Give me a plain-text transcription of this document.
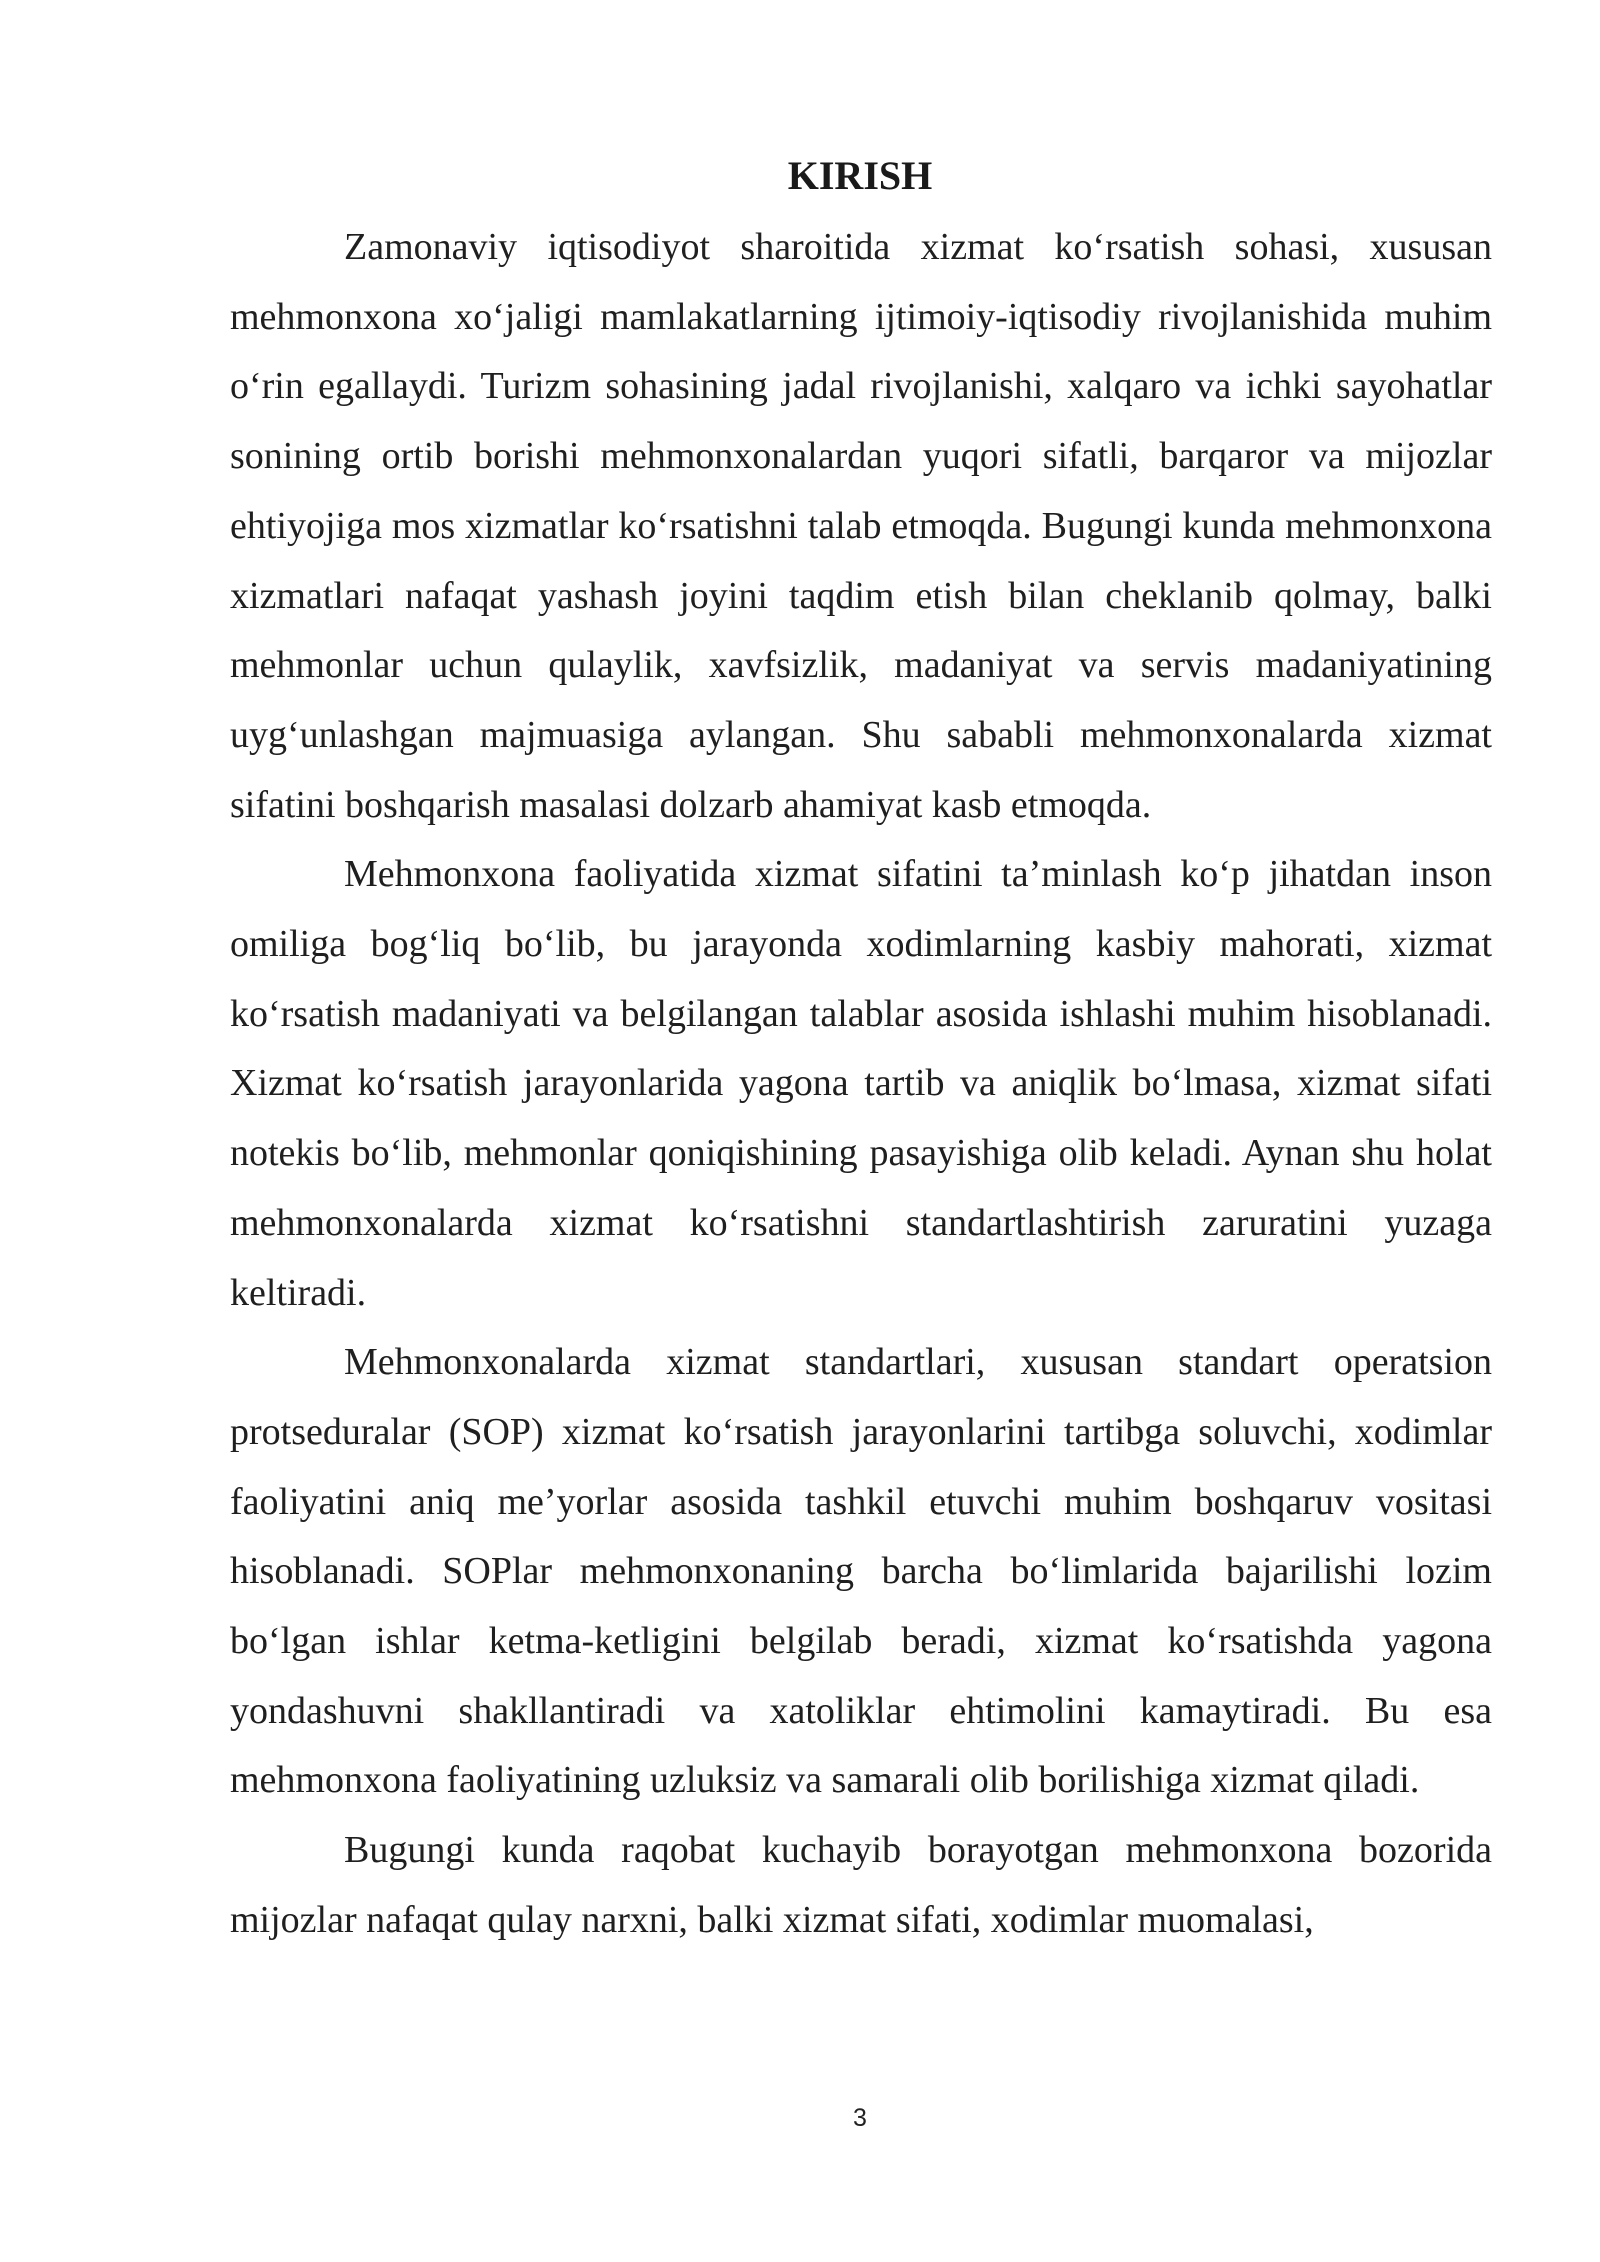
KIRISH

Zamonaviy iqtisodiyot sharoitida xizmat ko‘rsatish sohasi, xususan mehmonxona xo‘jaligi mamlakatlarning ijtimoiy-iqtisodiy rivojlanishida muhim o‘rin egallaydi. Turizm sohasining jadal rivojlanishi, xalqaro va ichki sayohatlar sonining ortib borishi mehmonxonalardan yuqori sifatli, barqaror va mijozlar ehtiyojiga mos xizmatlar ko‘rsatishni talab etmoqda. Bugungi kunda mehmonxona xizmatlari nafaqat yashash joyini taqdim etish bilan cheklanib qolmay, balki mehmonlar uchun qulaylik, xavfsizlik, madaniyat va servis madaniyatining uyg‘unlashgan majmuasiga aylangan. Shu sababli mehmonxonalarda xizmat sifatini boshqarish masalasi dolzarb ahamiyat kasb etmoqda.

Mehmonxona faoliyatida xizmat sifatini ta’minlash ko‘p jihatdan inson omiliga bog‘liq bo‘lib, bu jarayonda xodimlarning kasbiy mahorati, xizmat ko‘rsatish madaniyati va belgilangan talablar asosida ishlashi muhim hisoblanadi. Xizmat ko‘rsatish jarayonlarida yagona tartib va aniqlik bo‘lmasa, xizmat sifati notekis bo‘lib, mehmonlar qoniqishining pasayishiga olib keladi. Aynan shu holat mehmonxonalarda xizmat ko‘rsatishni standartlashtirish zaruratini yuzaga keltiradi.

Mehmonxonalarda xizmat standartlari, xususan standart operatsion protseduralar (SOP) xizmat ko‘rsatish jarayonlarini tartibga soluvchi, xodimlar faoliyatini aniq me’yorlar asosida tashkil etuvchi muhim boshqaruv vositasi hisoblanadi. SOPlar mehmonxonaning barcha bo‘limlarida bajarilishi lozim bo‘lgan ishlar ketma-ketligini belgilab beradi, xizmat ko‘rsatishda yagona yondashuvni shakllantiradi va xatoliklar ehtimolini kamaytiradi. Bu esa mehmonxona faoliyatining uzluksiz va samarali olib borilishiga xizmat qiladi.

Bugungi kunda raqobat kuchayib borayotgan mehmonxona bozorida mijozlar nafaqat qulay narxni, balki xizmat sifati, xodimlar muomalasi,

3
